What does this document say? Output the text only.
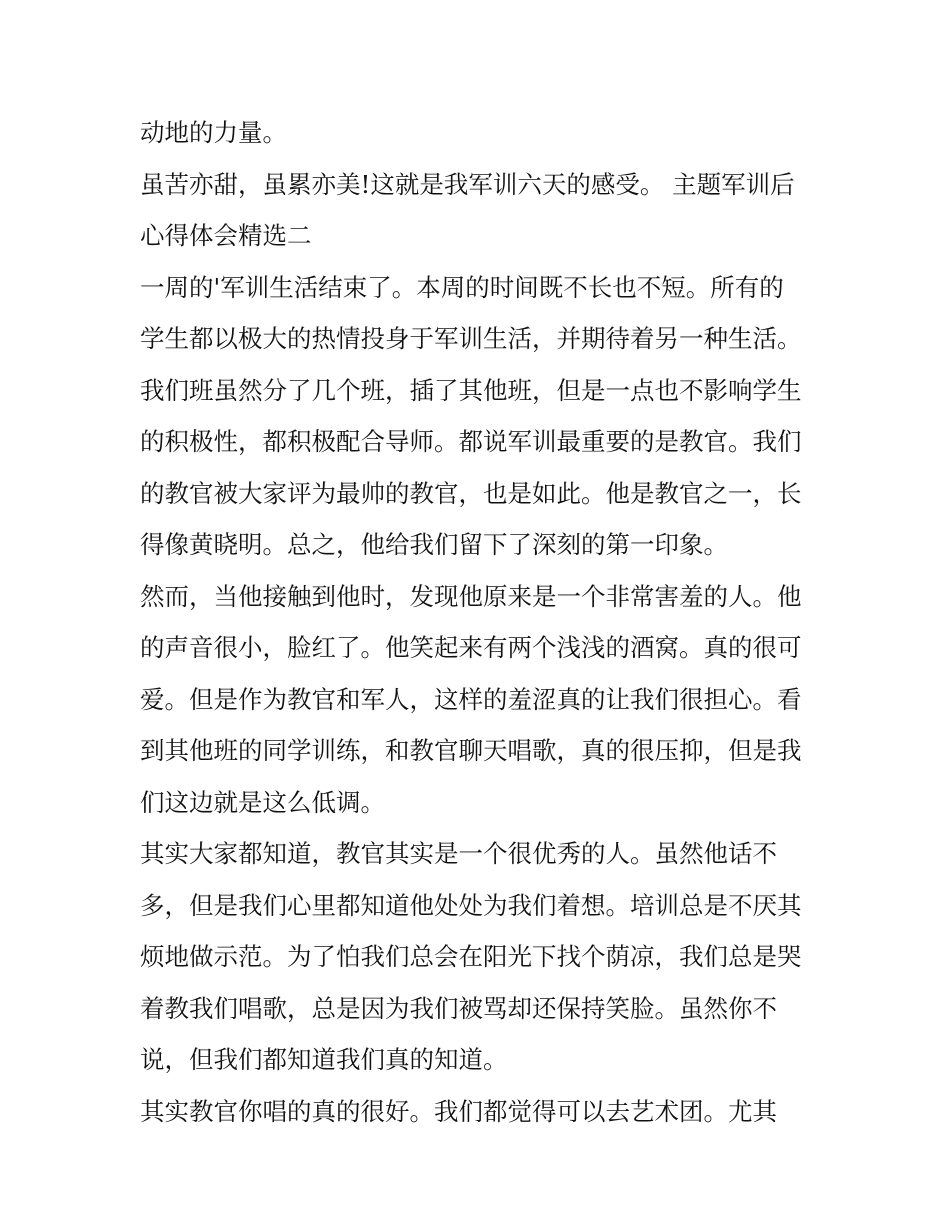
动地的力量。
虽苦亦甜，虽累亦美!这就是我军训六天的感受。 主题军训后
心得体会精选二
一周的'军训生活结束了。本周的时间既不长也不短。所有的
学生都以极大的热情投身于军训生活，并期待着另一种生活。
我们班虽然分了几个班，插了其他班，但是一点也不影响学生
的积极性，都积极配合导师。都说军训最重要的是教官。我们
的教官被大家评为最帅的教官，也是如此。他是教官之一，长
得像黄晓明。总之，他给我们留下了深刻的第一印象。
然而，当他接触到他时，发现他原来是一个非常害羞的人。他
的声音很小，脸红了。他笑起来有两个浅浅的酒窝。真的很可
爱。但是作为教官和军人，这样的羞涩真的让我们很担心。看
到其他班的同学训练，和教官聊天唱歌，真的很压抑，但是我
们这边就是这么低调。
其实大家都知道，教官其实是一个很优秀的人。虽然他话不
多，但是我们心里都知道他处处为我们着想。培训总是不厌其
烦地做示范。为了怕我们总会在阳光下找个荫凉，我们总是哭
着教我们唱歌，总是因为我们被骂却还保持笑脸。虽然你不
说，但我们都知道我们真的知道。
其实教官你唱的真的很好。我们都觉得可以去艺术团。尤其
